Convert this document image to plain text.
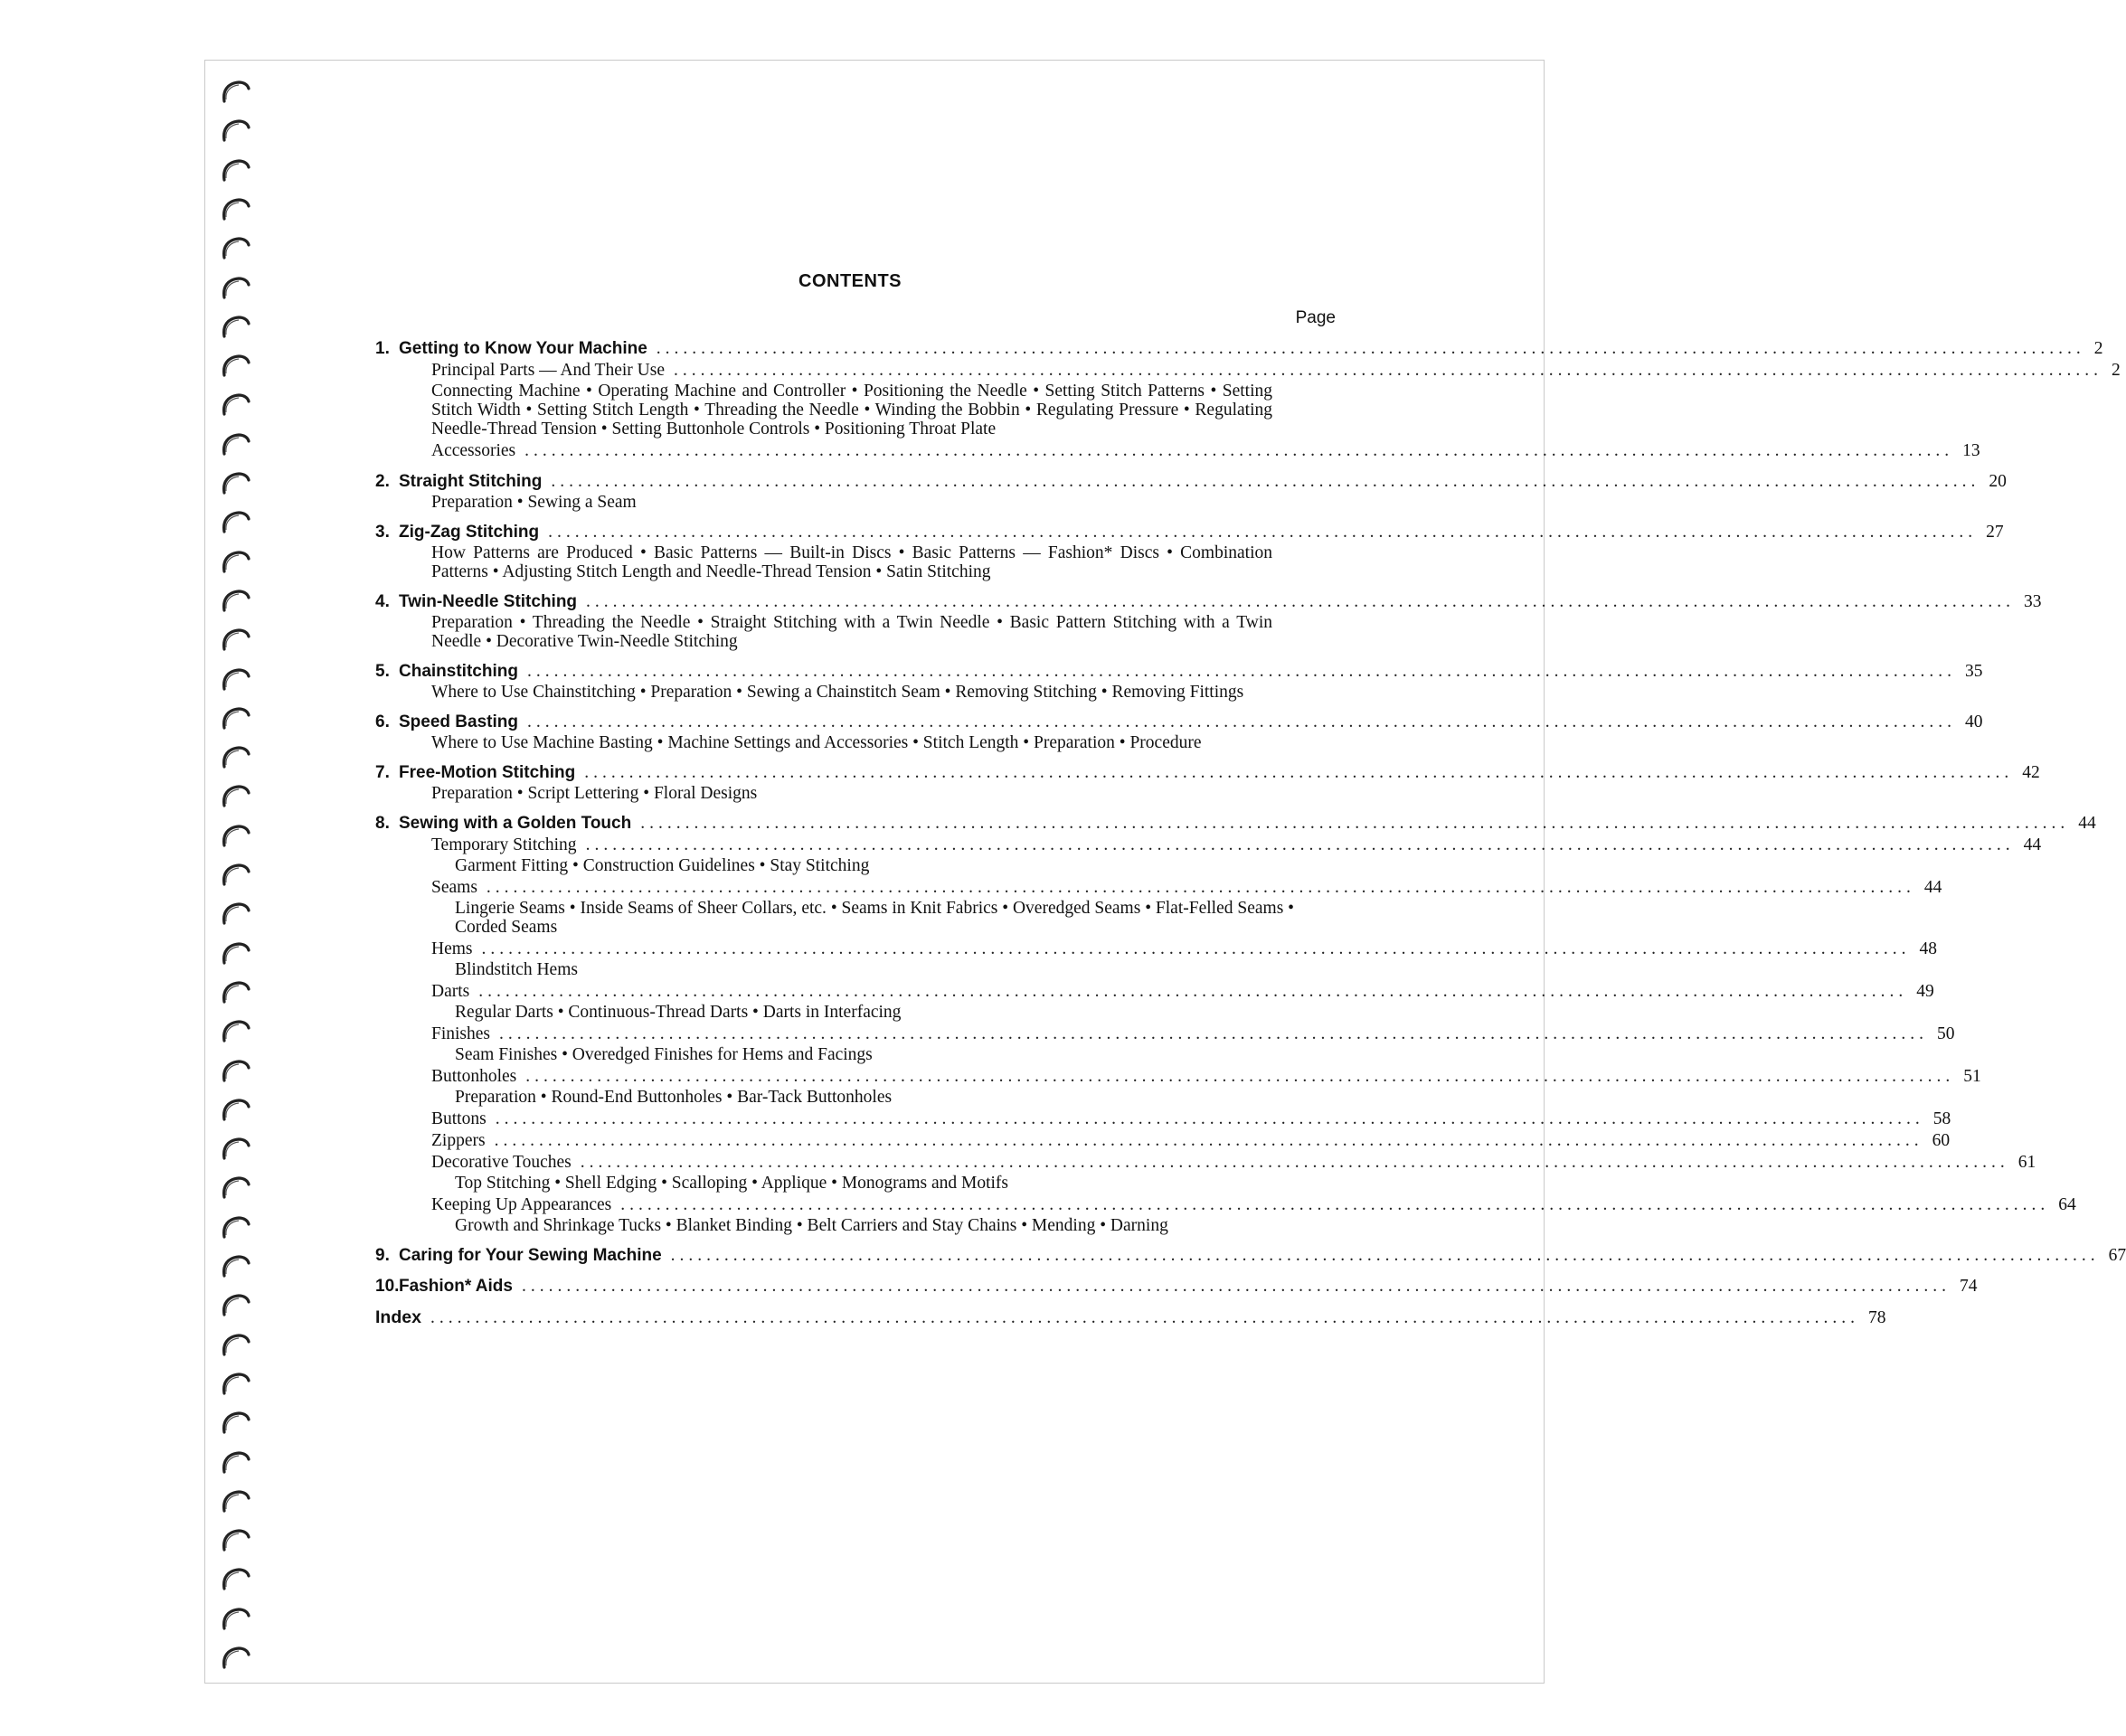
CONTENTS
Page
1. Getting to Know Your Machine ................................................................................................................................................................ 2
Principal Parts — And Their Use ................................................................................................................................................................ 2
Connecting Machine • Operating Machine and Controller • Positioning the Needle • Setting Stitch Patterns • Setting Stitch Width • Setting Stitch Length • Threading the Needle • Winding the Bobbin • Regulating Pressure • Regulating Needle-Thread Tension • Setting Buttonhole Controls • Positioning Throat Plate
Accessories ................................................................................................................................................................ 13
2. Straight Stitching ................................................................................................................................................................ 20
Preparation • Sewing a Seam
3. Zig-Zag Stitching ................................................................................................................................................................ 27
How Patterns are Produced • Basic Patterns — Built-in Discs • Basic Patterns — Fashion* Discs • Combination Patterns • Adjusting Stitch Length and Needle-Thread Tension • Satin Stitching
4. Twin-Needle Stitching ................................................................................................................................................................ 33
Preparation • Threading the Needle • Straight Stitching with a Twin Needle • Basic Pattern Stitching with a Twin Needle • Decorative Twin-Needle Stitching
5. Chainstitching ................................................................................................................................................................ 35
Where to Use Chainstitching • Preparation • Sewing a Chainstitch Seam • Removing Stitching • Removing Fittings
6. Speed Basting ................................................................................................................................................................ 40
Where to Use Machine Basting • Machine Settings and Accessories • Stitch Length • Preparation • Procedure
7. Free-Motion Stitching ................................................................................................................................................................ 42
Preparation • Script Lettering • Floral Designs
8. Sewing with a Golden Touch ................................................................................................................................................................ 44
Temporary Stitching ................................................................................................................................................................ 44
Garment Fitting • Construction Guidelines • Stay Stitching
Seams ................................................................................................................................................................ 44
Lingerie Seams • Inside Seams of Sheer Collars, etc. • Seams in Knit Fabrics • Overedged Seams • Flat-Felled Seams • Corded Seams
Hems ................................................................................................................................................................ 48
Blindstitch Hems
Darts ................................................................................................................................................................ 49
Regular Darts • Continuous-Thread Darts • Darts in Interfacing
Finishes ................................................................................................................................................................ 50
Seam Finishes • Overedged Finishes for Hems and Facings
Buttonholes ................................................................................................................................................................ 51
Preparation • Round-End Buttonholes • Bar-Tack Buttonholes
Buttons ................................................................................................................................................................ 58
Zippers ................................................................................................................................................................ 60
Decorative Touches ................................................................................................................................................................ 61
Top Stitching • Shell Edging • Scalloping • Applique • Monograms and Motifs
Keeping Up Appearances ................................................................................................................................................................ 64
Growth and Shrinkage Tucks • Blanket Binding • Belt Carriers and Stay Chains • Mending • Darning
9. Caring for Your Sewing Machine ................................................................................................................................................................ 67
10.Fashion* Aids ................................................................................................................................................................ 74
Index ................................................................................................................................................................ 78
